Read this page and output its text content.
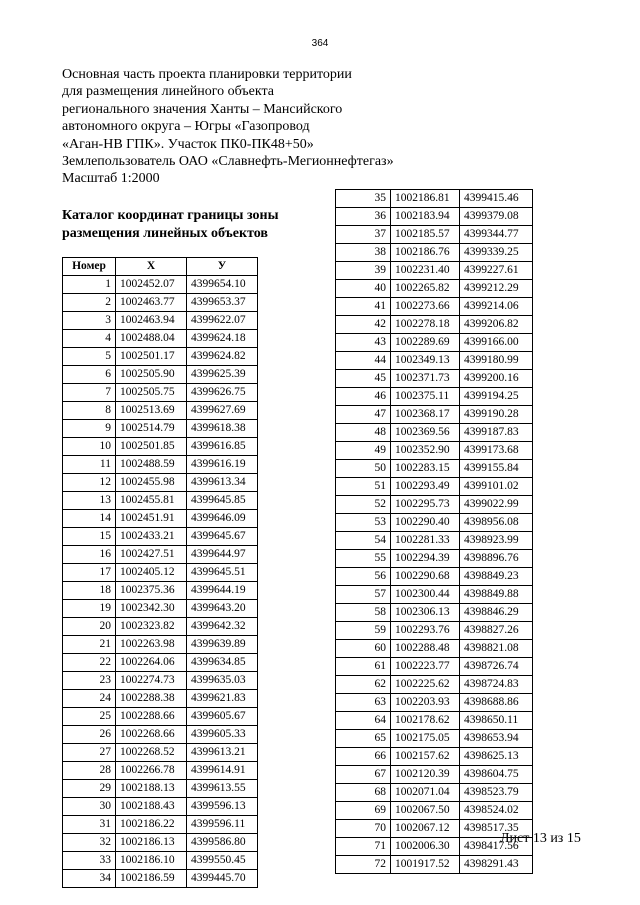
364
Основная часть проекта планировки территории
для размещения линейного объекта
регионального значения Ханты – Мансийского
автономного округа – Югры «Газопровод
«Аган-НВ ГПК». Участок ПК0-ПК48+50»
Землепользователь ОАО «Славнефть-Мегионнефтегаз»
Масштаб 1:2000
Каталог координат границы зоны
размещения линейных объектов
Номер	X	У
1	1002452.07	4399654.10
2	1002463.77	4399653.37
3	1002463.94	4399622.07
4	1002488.04	4399624.18
5	1002501.17	4399624.82
6	1002505.90	4399625.39
7	1002505.75	4399626.75
8	1002513.69	4399627.69
9	1002514.79	4399618.38
10	1002501.85	4399616.85
11	1002488.59	4399616.19
12	1002455.98	4399613.34
13	1002455.81	4399645.85
14	1002451.91	4399646.09
15	1002433.21	4399645.67
16	1002427.51	4399644.97
17	1002405.12	4399645.51
18	1002375.36	4399644.19
19	1002342.30	4399643.20
20	1002323.82	4399642.32
21	1002263.98	4399639.89
22	1002264.06	4399634.85
23	1002274.73	4399635.03
24	1002288.38	4399621.83
25	1002288.66	4399605.67
26	1002268.66	4399605.33
27	1002268.52	4399613.21
28	1002266.78	4399614.91
29	1002188.13	4399613.55
30	1002188.43	4399596.13
31	1002186.22	4399596.11
32	1002186.13	4399586.80
33	1002186.10	4399550.45
34	1002186.59	4399445.70
35	1002186.81	4399415.46
36	1002183.94	4399379.08
37	1002185.57	4399344.77
38	1002186.76	4399339.25
39	1002231.40	4399227.61
40	1002265.82	4399212.29
41	1002273.66	4399214.06
42	1002278.18	4399206.82
43	1002289.69	4399166.00
44	1002349.13	4399180.99
45	1002371.73	4399200.16
46	1002375.11	4399194.25
47	1002368.17	4399190.28
48	1002369.56	4399187.83
49	1002352.90	4399173.68
50	1002283.15	4399155.84
51	1002293.49	4399101.02
52	1002295.73	4399022.99
53	1002290.40	4398956.08
54	1002281.33	4398923.99
55	1002294.39	4398896.76
56	1002290.68	4398849.23
57	1002300.44	4398849.88
58	1002306.13	4398846.29
59	1002293.76	4398827.26
60	1002288.48	4398821.08
61	1002223.77	4398726.74
62	1002225.62	4398724.83
63	1002203.93	4398688.86
64	1002178.62	4398650.11
65	1002175.05	4398653.94
66	1002157.62	4398625.13
67	1002120.39	4398604.75
68	1002071.04	4398523.79
69	1002067.50	4398524.02
70	1002067.12	4398517.35
71	1002006.30	4398417.56
72	1001917.52	4398291.43
Лист 13 из 15
